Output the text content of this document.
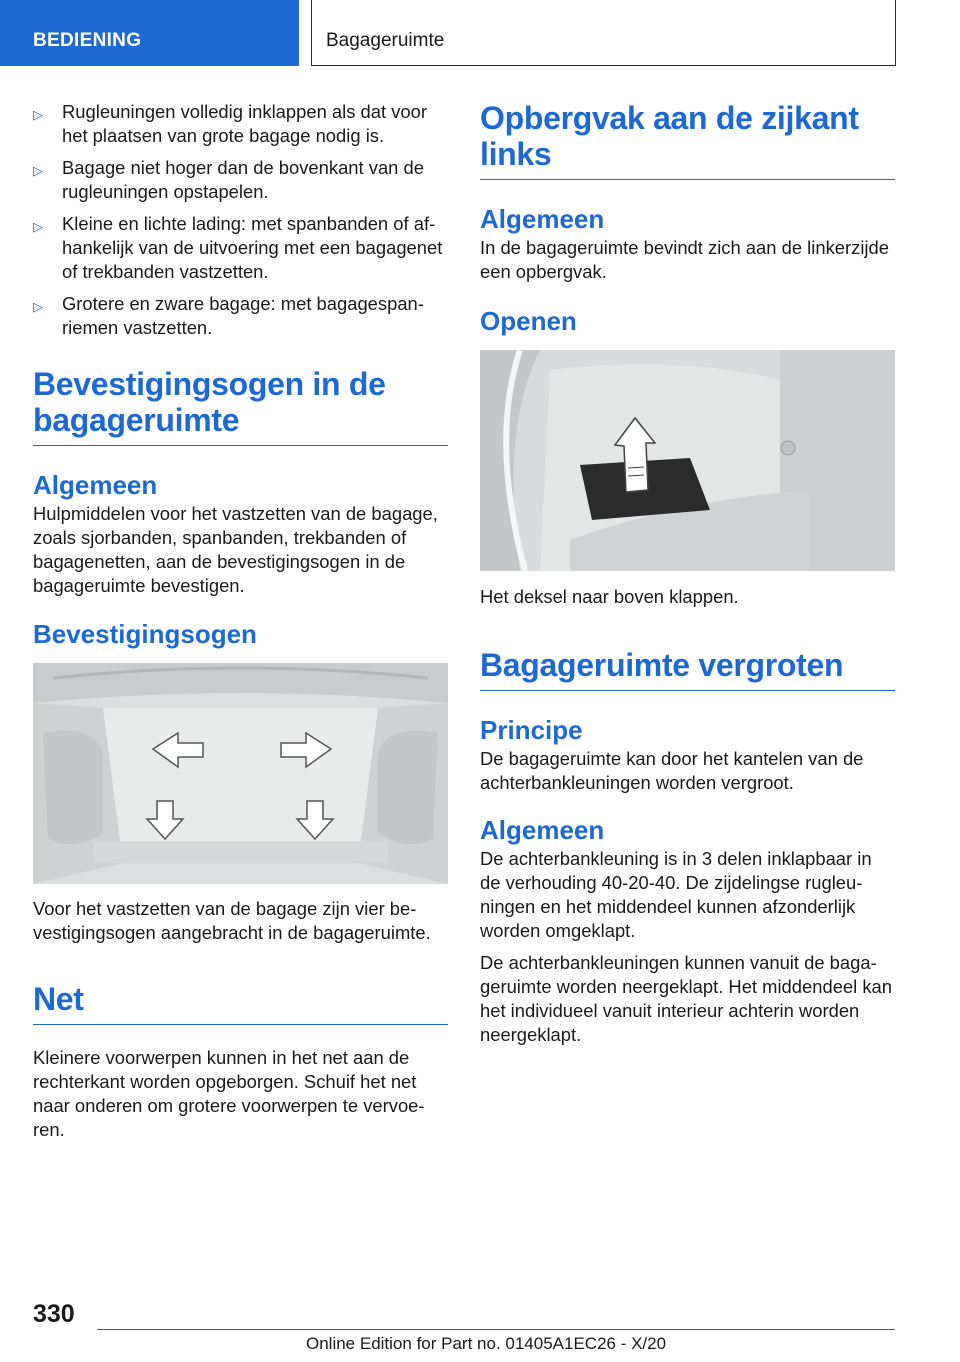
BEDIENING	Bagageruimte
▷ Rugleuningen volledig inklappen als dat voor het plaatsen van grote bagage nodig is.
▷ Bagage niet hoger dan de bovenkant van de rugleuningen opstapelen.
▷ Kleine en lichte lading: met spanbanden of afhankelijk van de uitvoering met een bagagenet of trekbanden vastzetten.
▷ Grotere en zware bagage: met bagagespanriemen vastzetten.
Bevestigingsogen in de bagageruimte
Algemeen

Hulpmiddelen voor het vastzetten van de bagage, zoals sjorbanden, spanbanden, trekbanden of bagagenetten, aan de bevestigingsogen in de bagageruimte bevestigen.

Bevestigingsogen

Voor het vastzetten van de bagage zijn vier bevestigingsogen aangebracht in de bagageruimte.

Net

Kleinere voorwerpen kunnen in het net aan de rechterkant worden opgeborgen. Schuif het net naar onderen om grotere voorwerpen te vervoeren.

Opbergvak aan de zijkant links
Algemeen

In de bagageruimte bevindt zich aan de linkerzijde een opbergvak.

Openen

Het deksel naar boven klappen.

Bagageruimte vergroten
Principe

De bagageruimte kan door het kantelen van de achterbankleuningen worden vergroot.

Algemeen

De achterbankleuning is in 3 delen inklapbaar in de verhouding 40-20-40. De zijdelingse rugleuningen en het middendeel kunnen afzonderlijk worden omgeklapt.

De achterbankleuningen kunnen vanuit de bagageruimte worden neergeklapt. Het middendeel kan het individueel vanuit interieur achterin worden neergeklapt.

330
Online Edition for Part no. 01405A1EC26 - X/20
